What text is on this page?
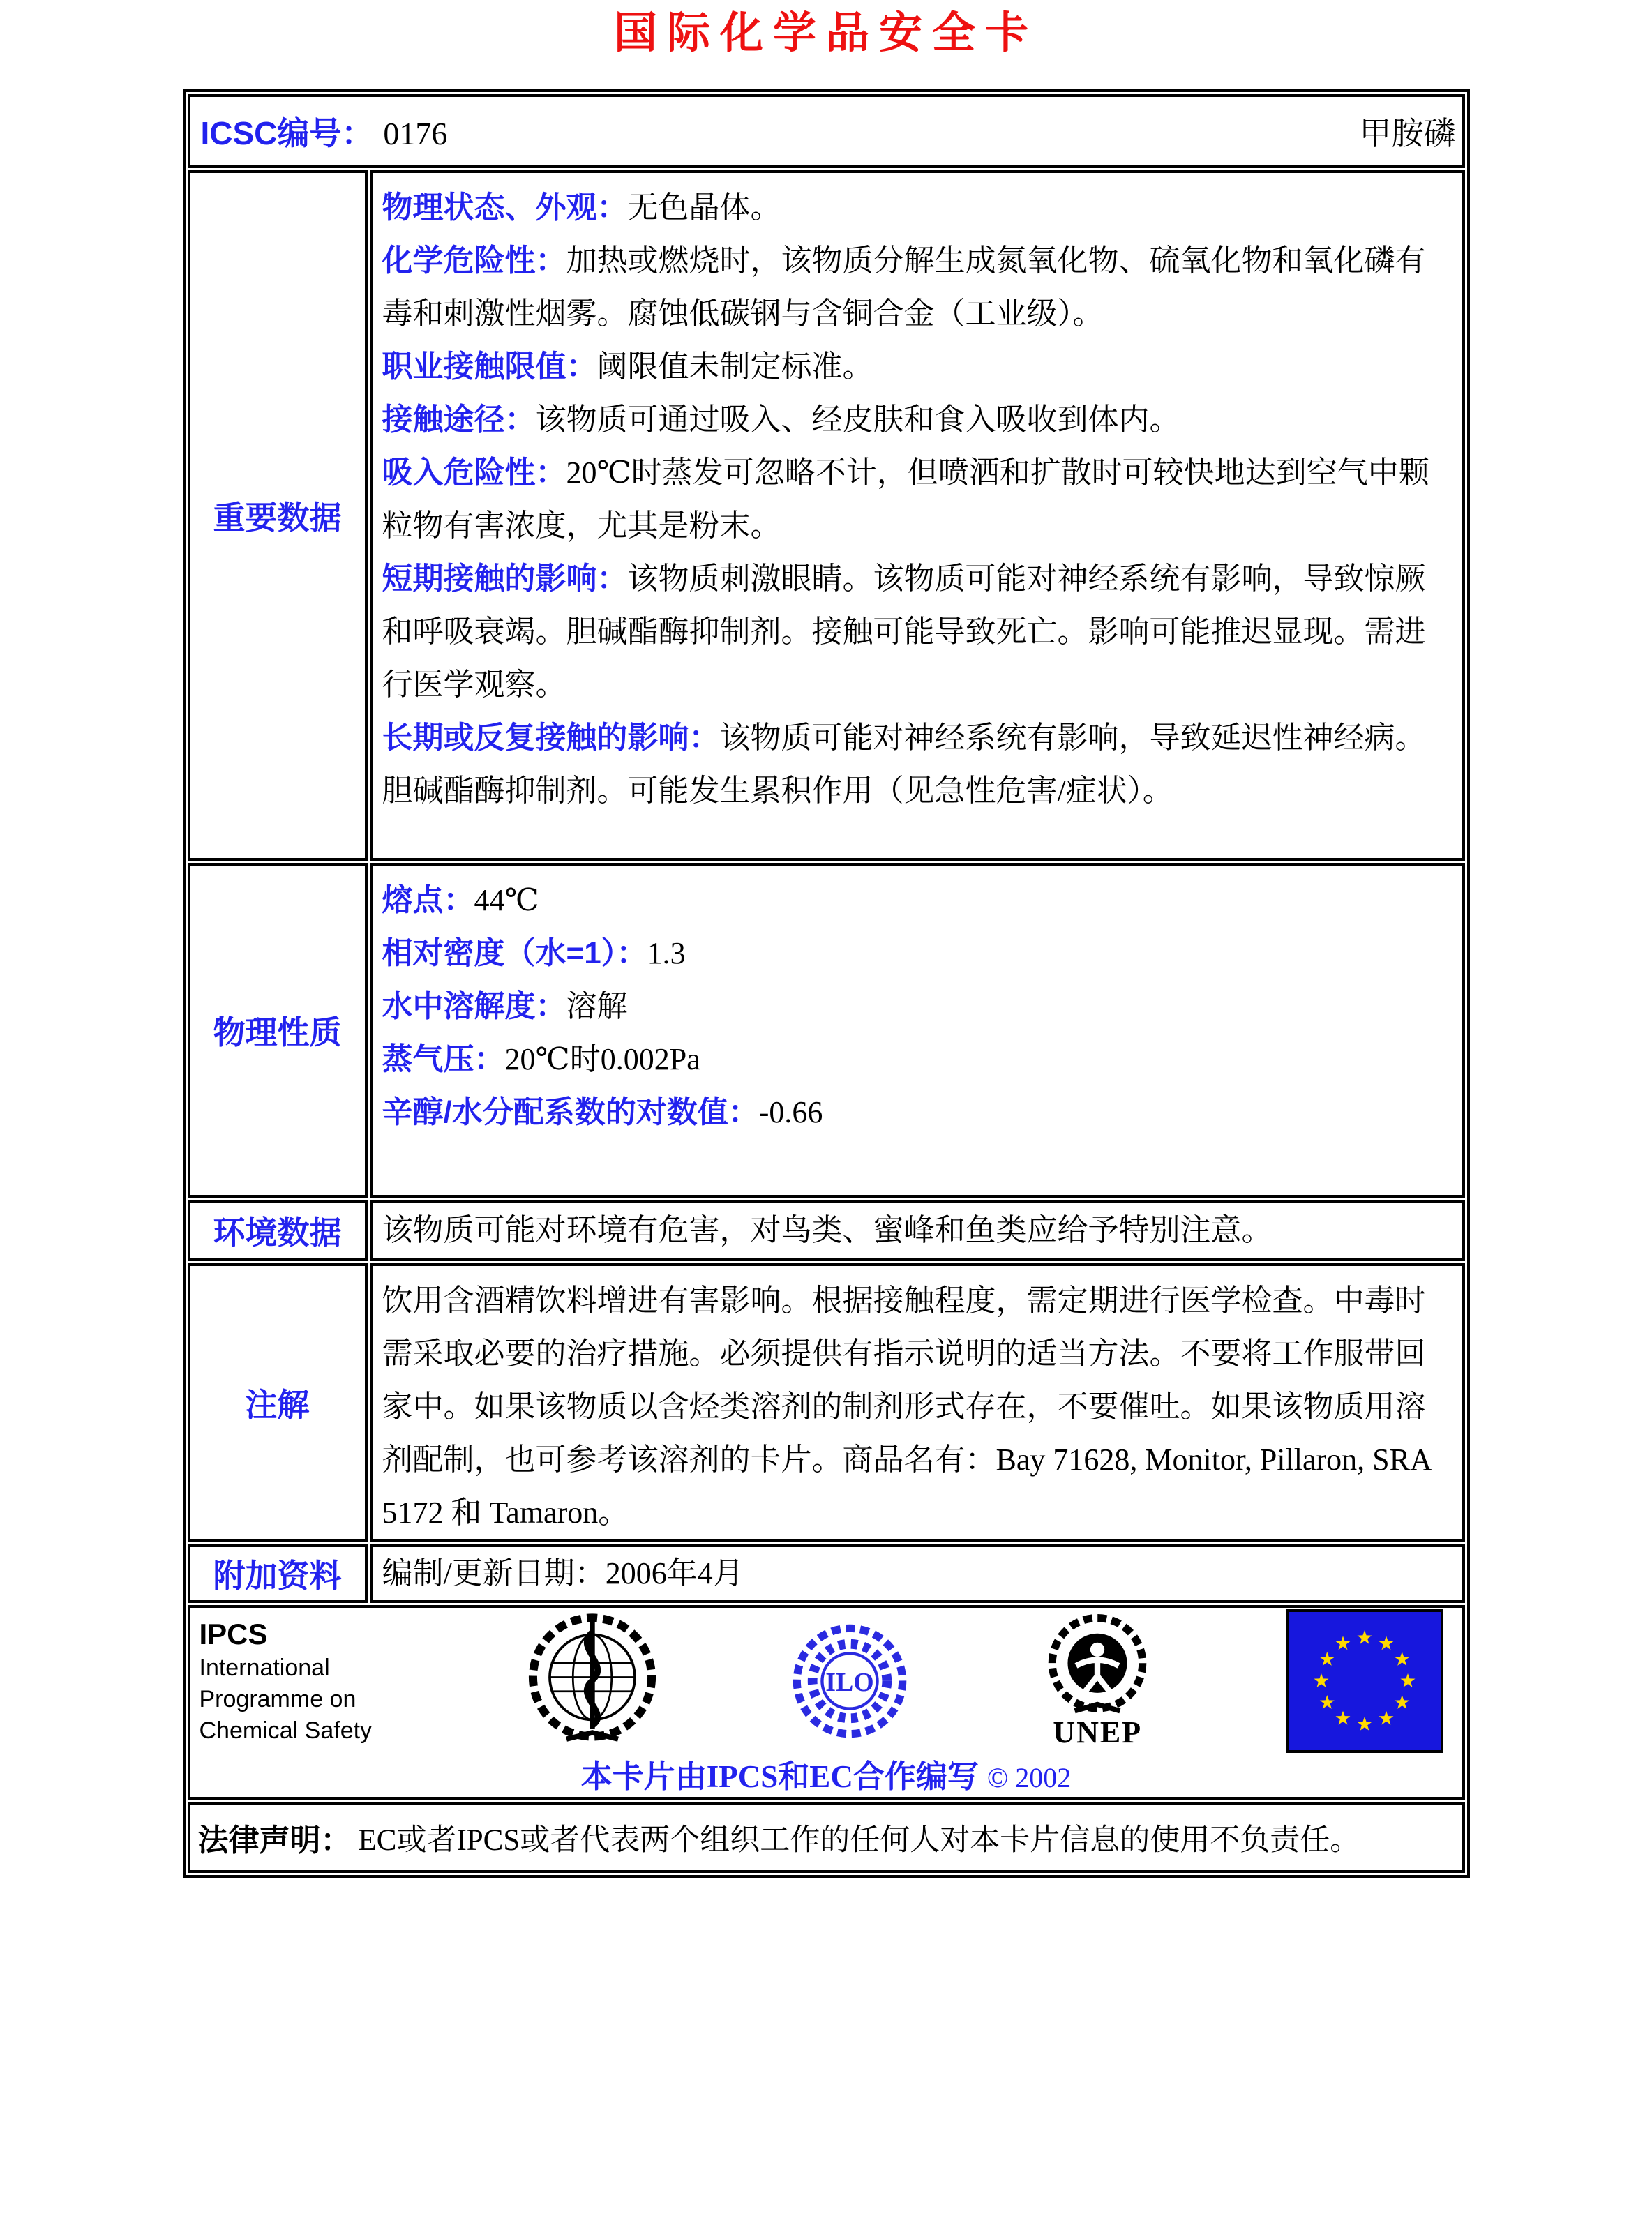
国际化学品安全卡
ICSC编号： 0176 甲胺磷	

重要数据	

物理状态、外观：无色晶体。

化学危险性：加热或燃烧时，该物质分解生成氮氧化物、硫氧化物和氧化磷有毒和刺激性烟雾。腐蚀低碳钢与含铜合金（工业级）。

职业接触限值：阈限值未制定标准。

接触途径：该物质可通过吸入、经皮肤和食入吸收到体内。

吸入危险性：20℃时蒸发可忽略不计，但喷洒和扩散时可较快地达到空气中颗粒物有害浓度，尤其是粉末。

短期接触的影响：该物质刺激眼睛。该物质可能对神经系统有影响，导致惊厥和呼吸衰竭。胆碱酯酶抑制剂。接触可能导致死亡。影响可能推迟显现。需进行医学观察。

长期或反复接触的影响：该物质可能对神经系统有影响，导致延迟性神经病。胆碱酯酶抑制剂。可能发生累积作用（见急性危害/症状）。

物理性质	熔点：44℃

相对密度（水=1）：1.3

水中溶解度：溶解

蒸气压：20℃时0.002Pa

辛醇/水分配系数的对数值：-0.66

环境数据	该物质可能对环境有危害，对鸟类、蜜峰和鱼类应给予特别注意。

注解	饮用含酒精饮料增进有害影响。根据接触程度，需定期进行医学检查。中毒时需采取必要的治疗措施。必须提供有指示说明的适当方法。不要将工作服带回家中。如果该物质以含烃类溶剂的制剂形式存在，不要催吐。如果该物质用溶剂配制，也可参考该溶剂的卡片。商品名有：Bay 71628, Monitor, Pillaron, SRA 5172 和 Tamaron。

附加资料	编制/更新日期：2006年4月

IPCS
International
Programme on
Chemical Safety
ILO
UNEP
本卡片由IPCS和EC合作编写 © 2002

法律声明： EC或者IPCS或者代表两个组织工作的任何人对本卡片信息的使用不负责任。	
